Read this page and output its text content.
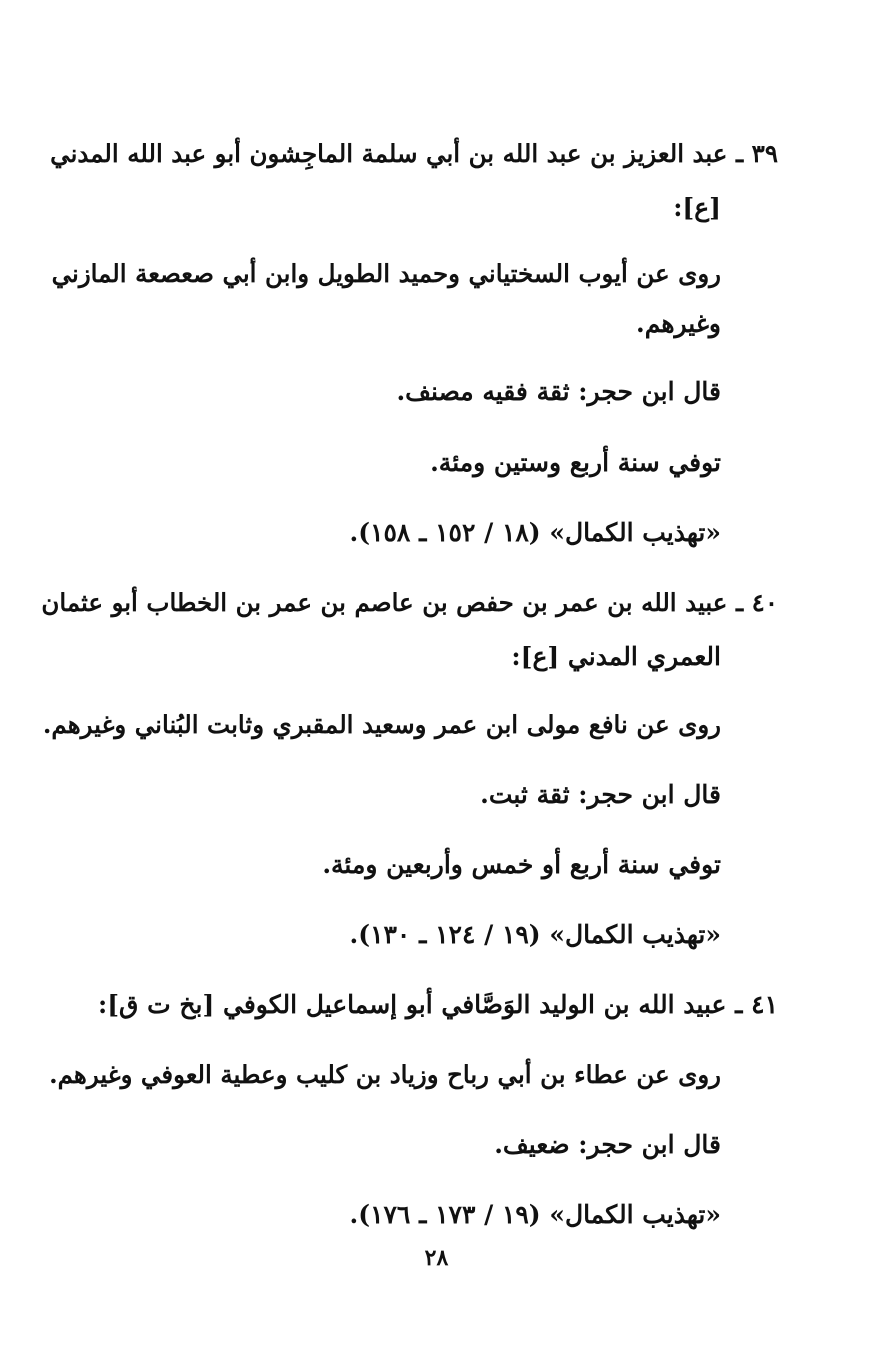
٣٩ ـ عبد العزيز بن عبد الله بن أبي سلمة الماجِشون أبو عبد الله المدني
[ع]:
روى عن أيوب السختياني وحميد الطويل وابن أبي صعصعة المازني
وغيرهم.
قال ابن حجر: ثقة فقيه مصنف.
توفي سنة أربع وستين ومئة.
«تهذيب الكمال» (١٨ / ١٥٢ ـ ١٥٨).
٤٠ ـ عبيد الله بن عمر بن حفص بن عاصم بن عمر بن الخطاب أبو عثمان
العمري المدني [ع]:
روى عن نافع مولى ابن عمر وسعيد المقبري وثابت البُناني وغيرهم.
قال ابن حجر: ثقة ثبت.
توفي سنة أربع أو خمس وأربعين ومئة.
«تهذيب الكمال» (١٩ / ١٢٤ ـ ١٣٠).
٤١ ـ عبيد الله بن الوليد الوَصَّافي أبو إسماعيل الكوفي [بخ ت ق]:
روى عن عطاء بن أبي رباح وزياد بن كليب وعطية العوفي وغيرهم.
قال ابن حجر: ضعيف.
«تهذيب الكمال» (١٩ / ١٧٣ ـ ١٧٦).
٢٨
